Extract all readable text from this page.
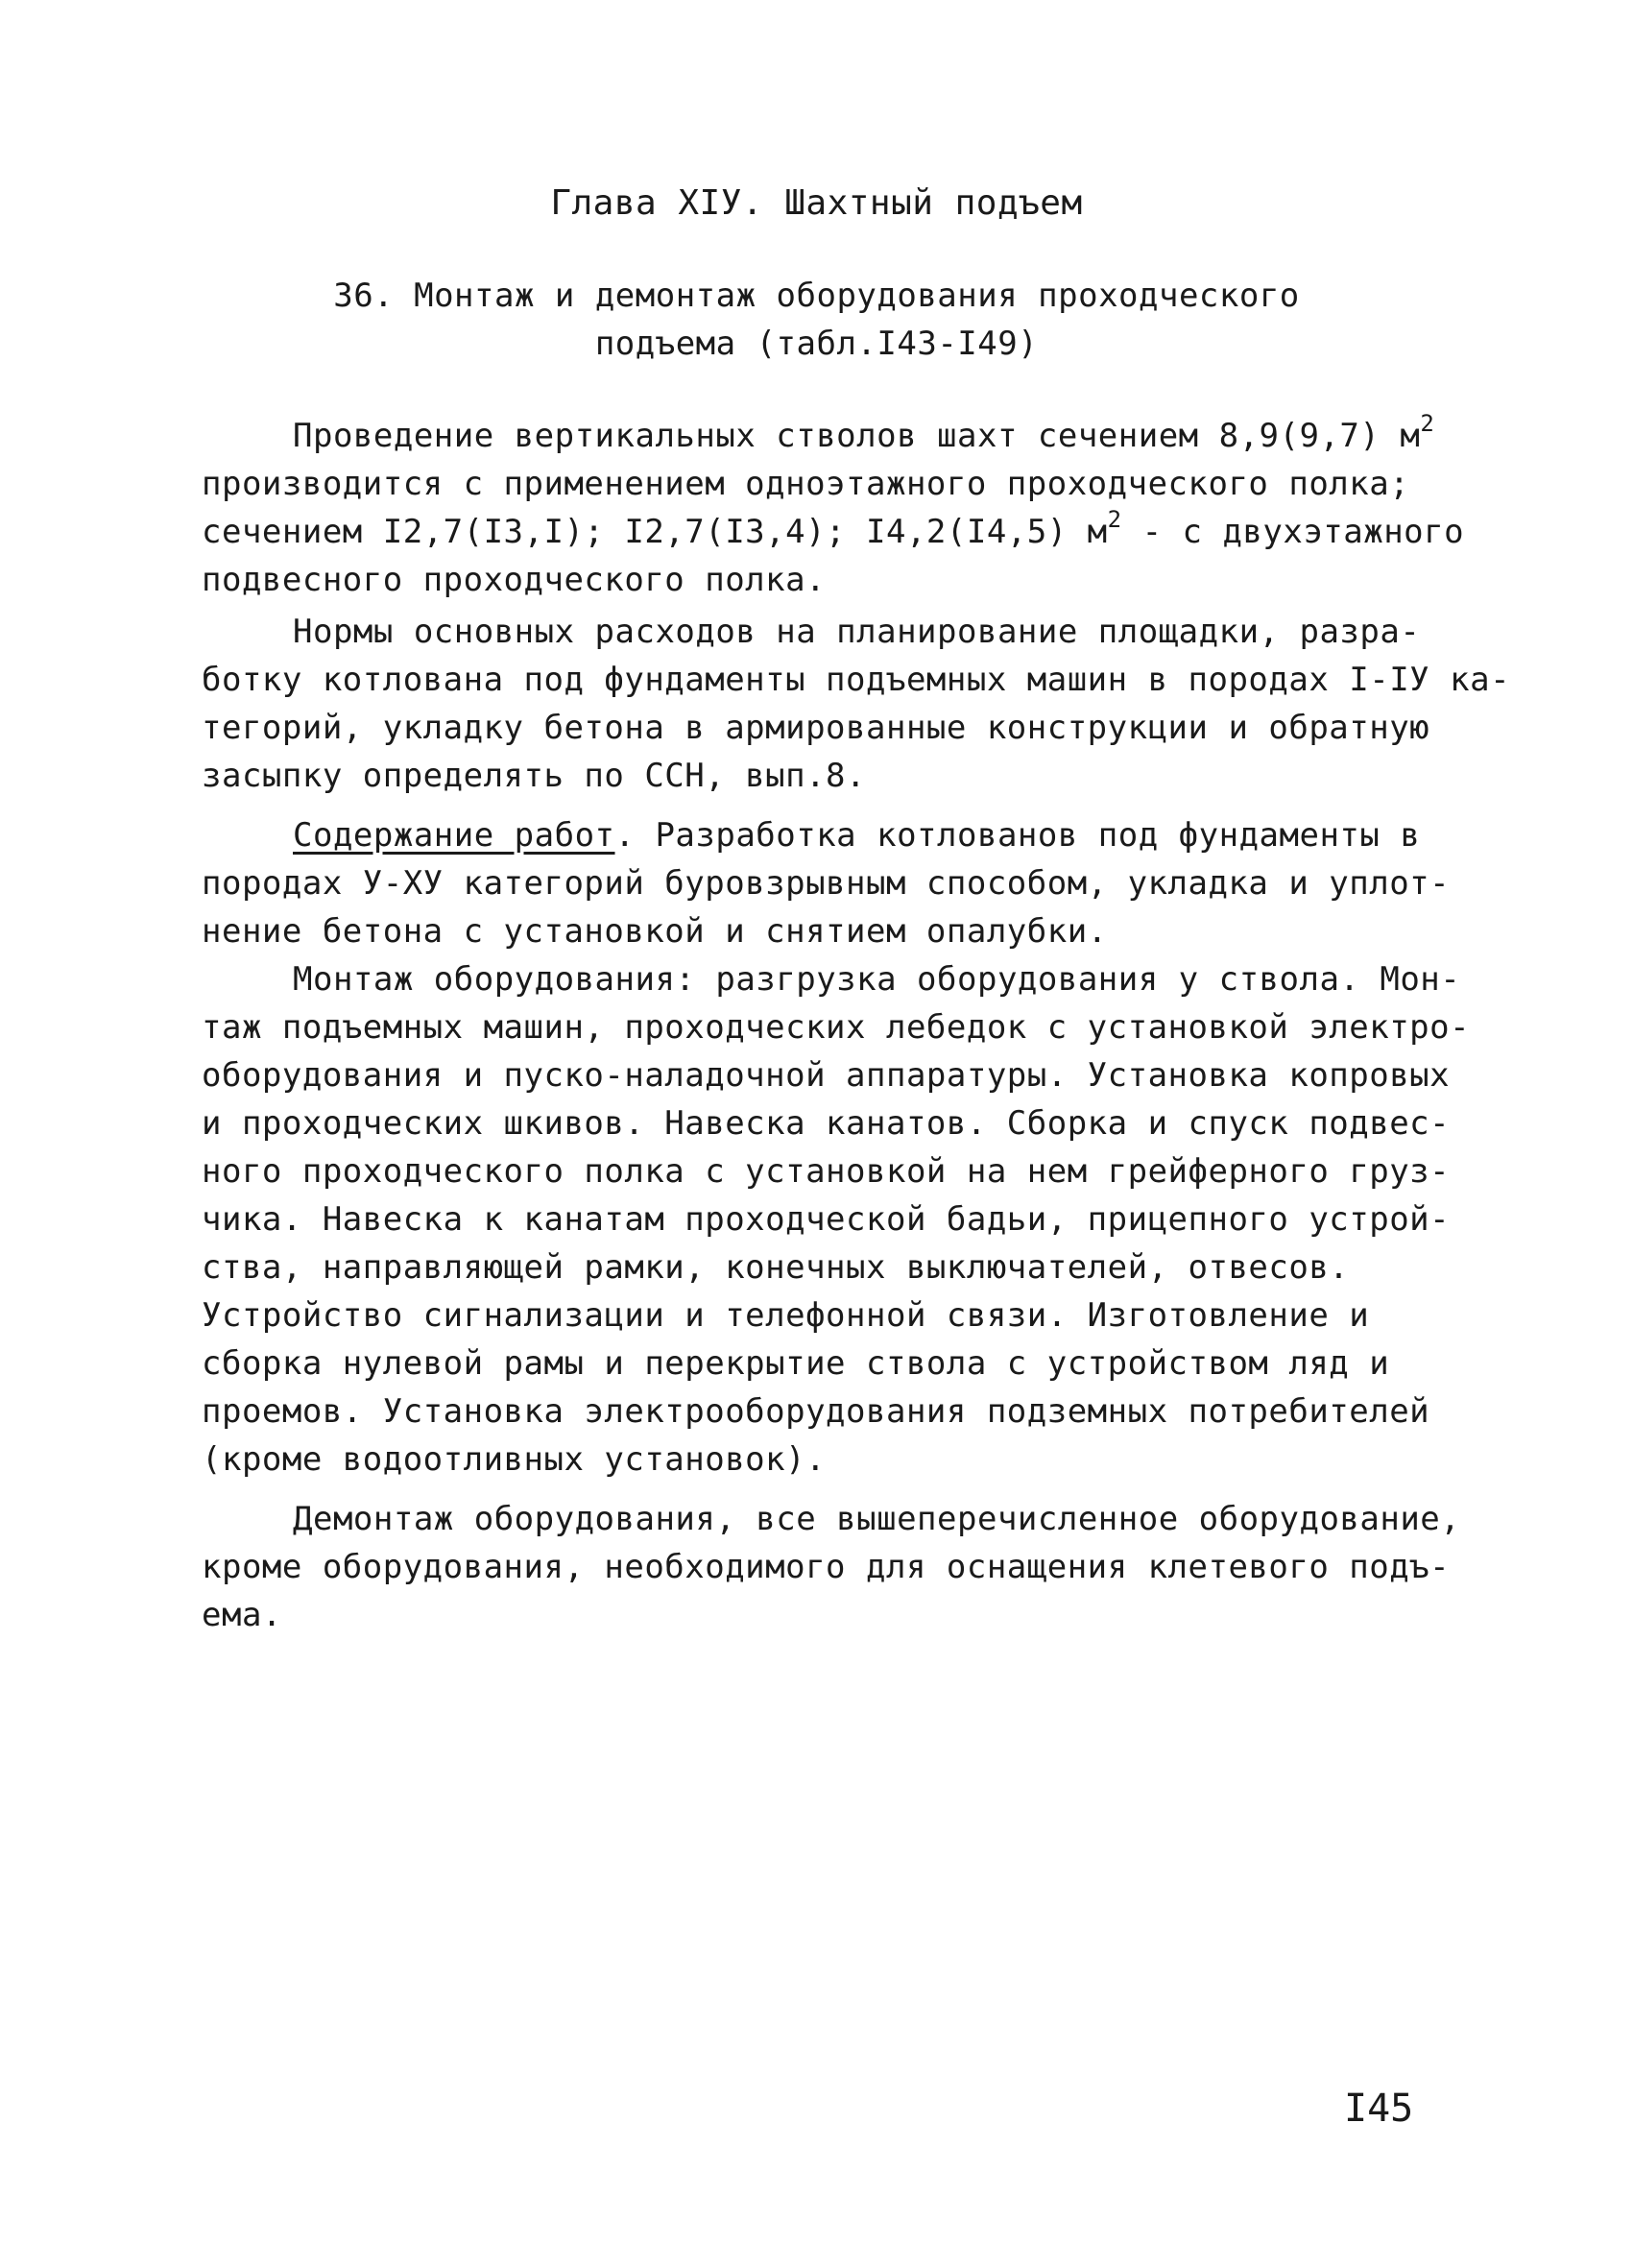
Глава XIУ. Шахтный подъем
36. Монтаж и демонтаж оборудования проходческого
подъема (табл.I43-I49)
Проведение вертикальных стволов шахт сечением 8,9(9,7) $м^2$
производится с применением одноэтажного проходческого полка;
сечением I2,7(I3,I); I2,7(I3,4); I4,2(I4,5) $м^2$ - с двухэтажного
подвесного проходческого полка.
Нормы основных расходов на планирование площадки, разра-
ботку котлована под фундаменты подъемных машин в породах I-IУ ка-
тегорий, укладку бетона в армированные конструкции и обратную
засыпку определять по ССН, вып.8.
Содержание работ. Разработка котлованов под фундаменты в
породах У-ХУ категорий буровзрывным способом, укладка и уплот-
нение бетона с установкой и снятием опалубки.
Монтаж оборудования: разгрузка оборудования у ствола. Мон-
таж подъемных машин, проходческих лебедок с установкой электро-
оборудования и пуско-наладочной аппаратуры. Установка копровых
и проходческих шкивов. Навеска канатов. Сборка и спуск подвес-
ного проходческого полка с установкой на нем грейферного груз-
чика. Навеска к канатам проходческой бадьи, прицепного устрой-
ства, направляющей рамки, конечных выключателей, отвесов.
Устройство сигнализации и телефонной связи. Изготовление и
сборка нулевой рамы и перекрытие ствола с устройством ляд и
проемов. Установка электрооборудования подземных потребителей
(кроме водоотливных установок).
Демонтаж оборудования, все вышеперечисленное оборудование,
кроме оборудования, необходимого для оснащения клетевого подъ-
ема.
I45
